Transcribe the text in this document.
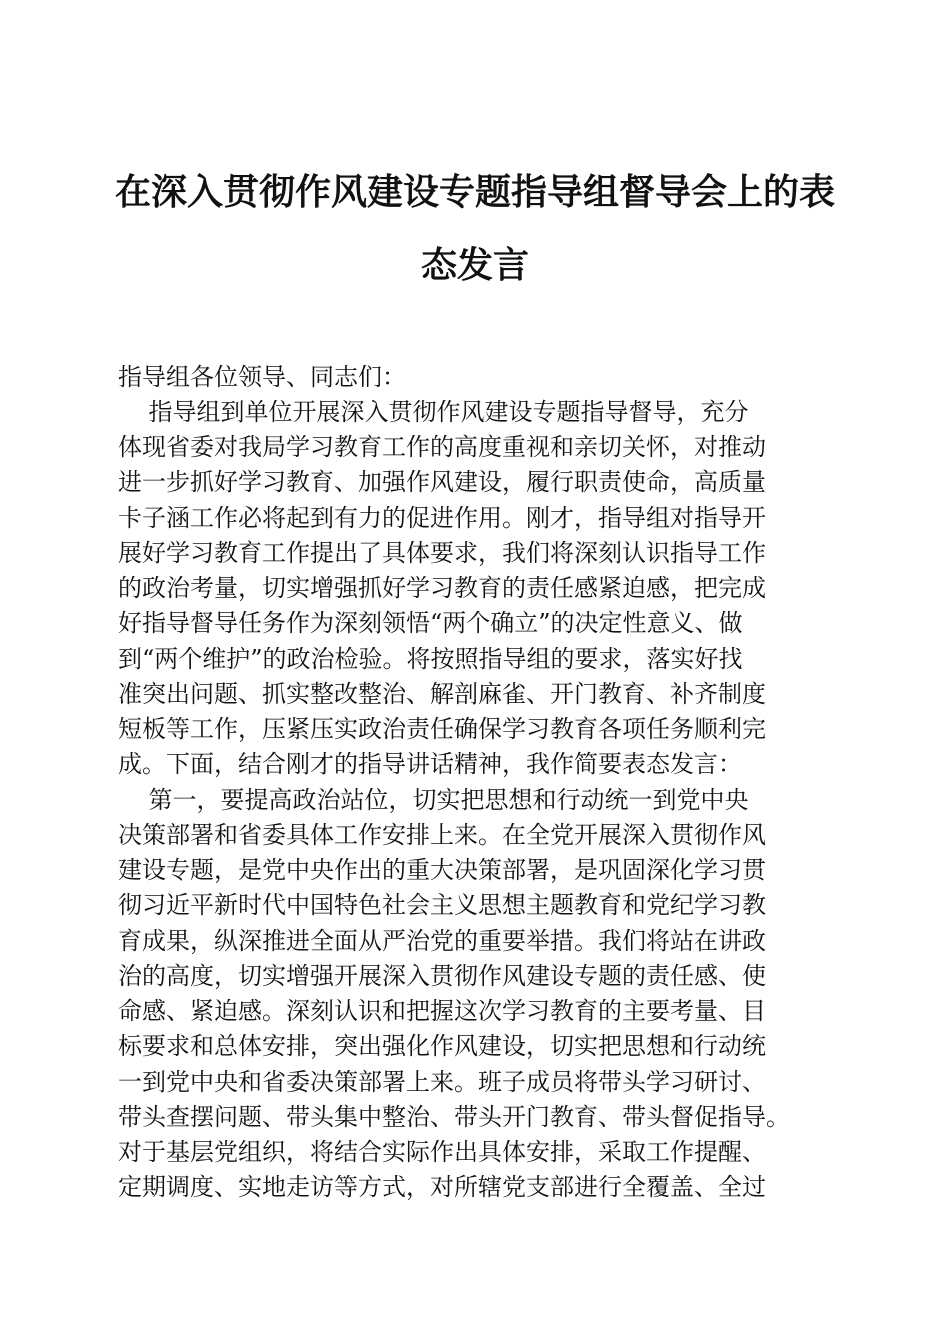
在深入贯彻作风建设专题指导组督导会上的表
态发言
指导组各位领导、同志们：
指导组到单位开展深入贯彻作风建设专题指导督导，充分
体现省委对我局学习教育工作的高度重视和亲切关怀，对推动
进一步抓好学习教育、加强作风建设，履行职责使命，高质量
卡子涵工作必将起到有力的促进作用。刚才，指导组对指导开
展好学习教育工作提出了具体要求，我们将深刻认识指导工作
的政治考量，切实增强抓好学习教育的责任感紧迫感，把完成
好指导督导任务作为深刻领悟“两个确立”的决定性意义、做
到“两个维护”的政治检验。将按照指导组的要求，落实好找
准突出问题、抓实整改整治、解剖麻雀、开门教育、补齐制度
短板等工作，压紧压实政治责任确保学习教育各项任务顺利完
成。下面，结合刚才的指导讲话精神，我作简要表态发言：
第一，要提高政治站位，切实把思想和行动统一到党中央
决策部署和省委具体工作安排上来。在全党开展深入贯彻作风
建设专题，是党中央作出的重大决策部署，是巩固深化学习贯
彻习近平新时代中国特色社会主义思想主题教育和党纪学习教
育成果，纵深推进全面从严治党的重要举措。我们将站在讲政
治的高度，切实增强开展深入贯彻作风建设专题的责任感、使
命感、紧迫感。深刻认识和把握这次学习教育的主要考量、目
标要求和总体安排，突出强化作风建设，切实把思想和行动统
一到党中央和省委决策部署上来。班子成员将带头学习研讨、
带头查摆问题、带头集中整治、带头开门教育、带头督促指导。
对于基层党组织，将结合实际作出具体安排，采取工作提醒、
定期调度、实地走访等方式，对所辖党支部进行全覆盖、全过
